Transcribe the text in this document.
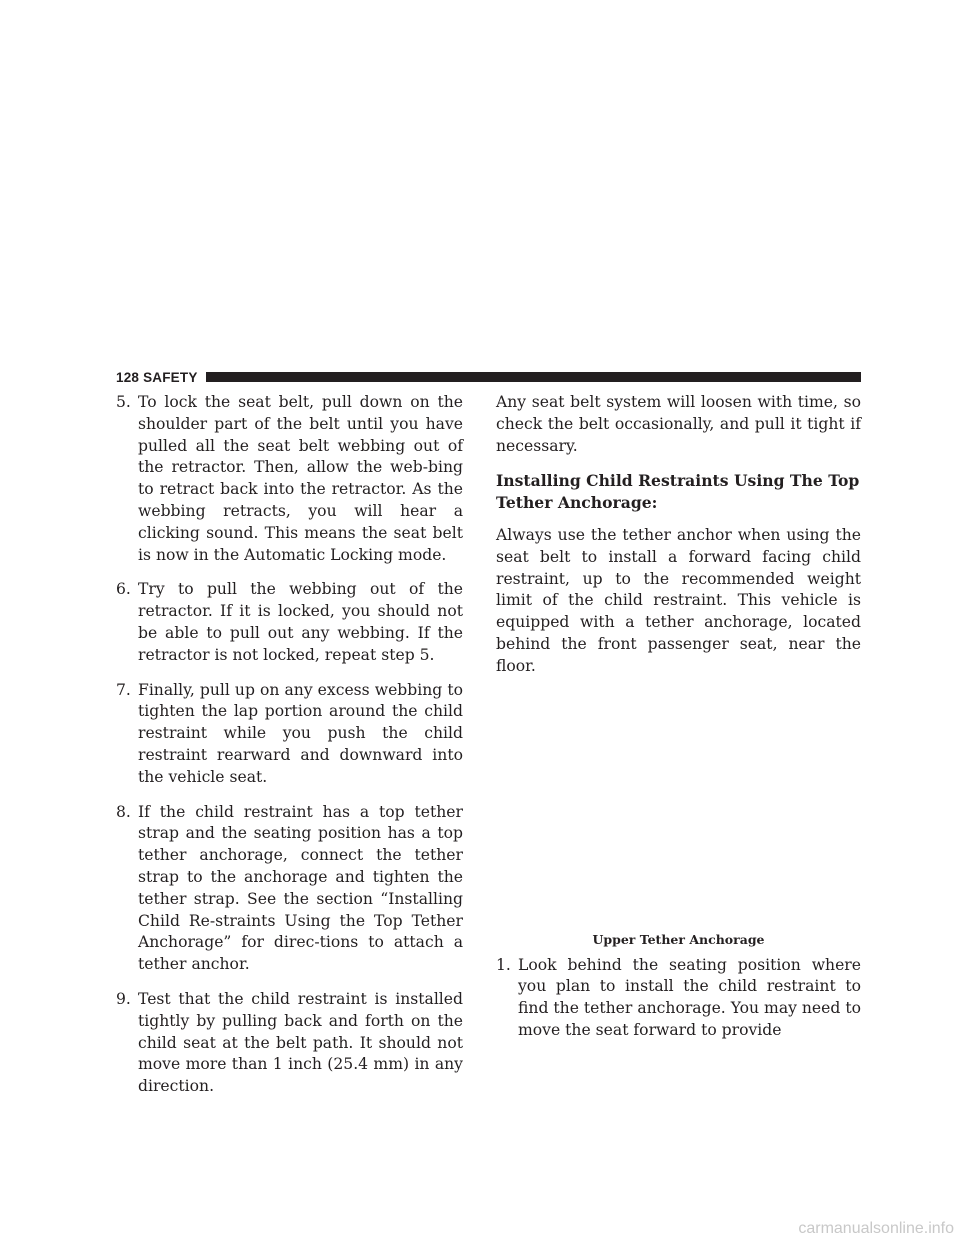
128 SAFETY
5. To lock the seat belt, pull down on the shoulder part of the belt until you have pulled all the seat belt webbing out of the retractor. Then, allow the web-bing to retract back into the retractor. As the webbing retracts, you will hear a clicking sound. This means the seat belt is now in the Automatic Locking mode.
6. Try to pull the webbing out of the retractor. If it is locked, you should not be able to pull out any webbing. If the retractor is not locked, repeat step 5.
7. Finally, pull up on any excess webbing to tighten the lap portion around the child restraint while you push the child restraint rearward and downward into the vehicle seat.
8. If the child restraint has a top tether strap and the seating position has a top tether anchorage, connect the tether strap to the anchorage and tighten the tether strap. See the section “Installing Child Re-straints Using the Top Tether Anchorage” for direc-tions to attach a tether anchor.
9. Test that the child restraint is installed tightly by pulling back and forth on the child seat at the belt path. It should not move more than 1 inch (25.4 mm) in any direction.

Any seat belt system will loosen with time, so check the belt occasionally, and pull it tight if necessary.

Installing Child Restraints Using The Top Tether Anchorage:

Always use the tether anchor when using the seat belt to install a forward facing child restraint, up to the recommended weight limit of the child restraint. This vehicle is equipped with a tether anchorage, located behind the front passenger seat, near the floor.

Upper Tether Anchorage
1. Look behind the seating position where you plan to install the child restraint to find the tether anchorage. You may need to move the seat forward to provide
carmanualsonline.info
